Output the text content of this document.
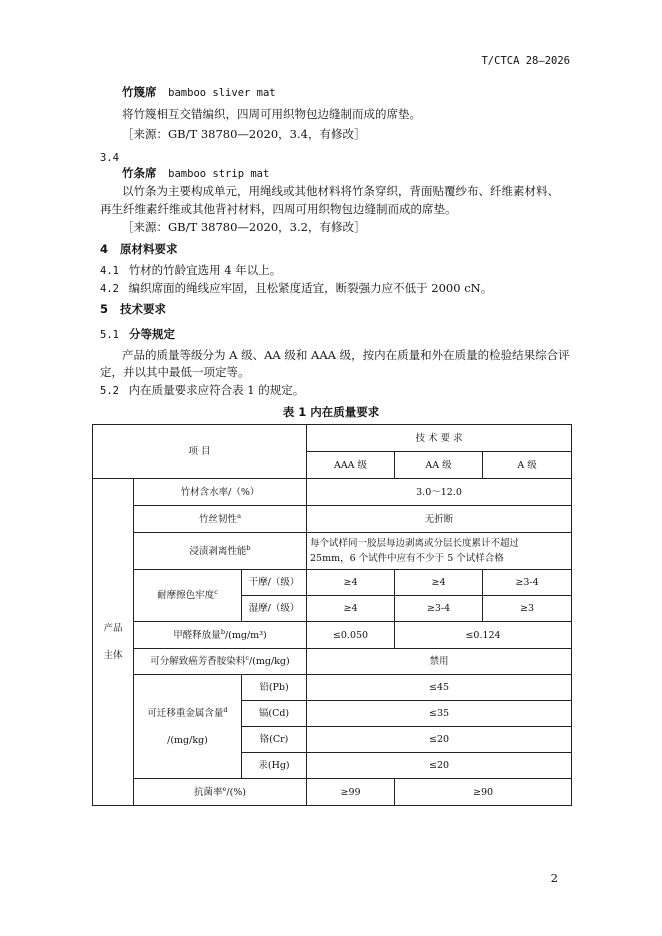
T/CTCA 28—2026
竹篾席 bamboo sliver mat
将竹篾相互交错编织，四周可用织物包边缝制而成的席垫。
［来源：GB/T 38780—2020，3.4，有修改］
3.4
竹条席 bamboo strip mat
以竹条为主要构成单元，用绳线或其他材料将竹条穿织，背面贴覆纱布、纤维素材料、
再生纤维素纤维或其他背衬材料，四周可用织物包边缝制而成的席垫。
［来源：GB/T 38780—2020，3.2，有修改］
4 原材料要求
4.1 竹材的竹龄宜选用 4 年以上。
4.2 编织席面的绳线应牢固，且松紧度适宜，断裂强力应不低于 2000 cN。
5 技术要求
5.1 分等规定
产品的质量等级分为 A 级、AA 级和 AAA 级，按内在质量和外在质量的检验结果综合评
定，并以其中最低一项定等。
5.2 内在质量要求应符合表 1 的规定。
表 1 内在质量要求
项 目			技 术 要 求		
			AAA 级	AA 级	A 级

产品
主体	竹材含水率/（%）		3.0～12.0		
	竹丝韧性$^a$		无折断		
	浸渍剥离性能$^b$		每个试样同一胶层每边剥离或分层长度累计不超过
25mm，6 个试件中应有不少于 5 个试样合格		

	耐摩擦色牢度$^c$	干摩/（级）	≥4	≥4	≥3-4
		湿摩/（级）	≥4	≥3-4	≥3
	甲醛释放量$^b$/(mg/m³)		≤0.050	≤0.124	
	可分解致癌芳香胺染料$^c$/(mg/kg)		禁用		

	可迁移重金属含量$^d$
/(mg/kg)	铅(Pb)	≤45		
		镉(Cd)	≤35		
		铬(Cr)	≤20		
		汞(Hg)	≤20		
	抗菌率$^e$/(%)		≥99	≥90	
2
